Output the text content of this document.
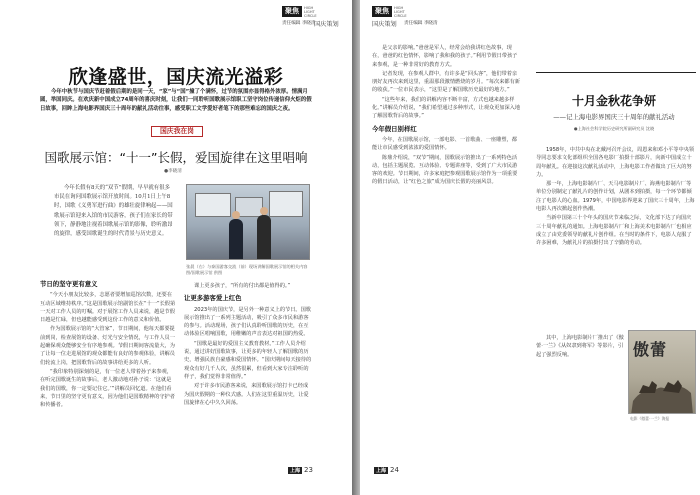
聚焦	HIGH
LIGHT
CIRCLE
责任编辑 李晓清
国庆策划
欣逢盛世，国庆流光溢彩
今年中秋节与国庆节赶着假后期的是同一天，“家”与“国”撞了个满怀，过节的氛围亦显得格外浓厚。情满月圆，举国同庆。在欢庆新中国成立74周年的喜庆时刻，让我们一同聆听国歌展示馆职工坚守岗位传递信仰火炬的假日故事，回眸上海电影界国庆三十周年的献礼活动往事，感受职工文学爱好者笔下的那些难忘的国庆之夜。
国庆我在岗
国歌展示馆：“十一”长假，爱国旋律在这里唱响
●李晓清
今年长假有8天的“双节”假期，早早就有很多市民在询问国歌展示馆开放时间。10月1日上午8时，国歌《义勇军进行曲》的雄壮旋律响起——国歌展示馆迎来入馆的市民游客，孩子们在家长的带领下，静静地注视着国歌展示馆的影像，聆听激昂的旋律，感受国歌诞生的时代背景与历史意义。
张晨（右）与泰国游客交流（前）现场讲解国歌展示馆的相关内容 图/国歌展示馆 供图
节日的坚守更有意义

“今天小朋友比较多，志愿者要增加巡馆次数，还要在互动区域维持秩序。”这是国歌展示馆副馆长在“十一”长假第一天对工作人员的叮嘱。对于展馆工作人员来说，越是节假日越是忙碌，但也越能感受到这份工作的意义和价值。

作为国歌展示馆的“大管家”，节日期间，他每天都要提前到岗，检查展馆的设备、灯光与安全情况，与工作人员一起确保观众能够安全有序地参观。节假日期间客流量大，为了让每一位走进展馆的观众都能有良好的参观体验，讲解员们轮流上岗，把国歌背后的故事讲给更多的人听。

“我印象特别深刻的是，有一位老人带着孙子来参观，在听完国歌诞生的故事后，老人激动地对孙子说：‘这就是我们的国歌，你一定要记住它。’”讲解员回忆道。在他们看来，节日里的坚守更有意义，因为他们是国歌精神的守护者和传播者。

课上更多孩子，“所有的付出都是值得的。”

让更多游客爱上红色

2023年的国庆节，是另外一种意义上的节日。国歌展示馆推出了一系列主题活动，吸引了众多市民和游客的参与。活动现场，孩子们认真聆听国歌的历史，在互动体验区唱响国歌，用稚嫩的声音表达对祖国的热爱。

“国歌是最好的爱国主义教育教材。”工作人员介绍说，通过讲好国歌故事，让更多的年轻人了解国歌的历史，增强民族自豪感和爱国情怀。“国庆期间每天接待的观众有好几千人次，虽然很累，但看到大家专注聆听的样子，我们觉得非常值得。”

对于许多市民游客来说，来国歌展示馆打卡已经成为国庆假期的一种仪式感。人们在这里重温历史，让爱国旋律在心中久久回荡。

上海 23
聚焦	HIGH
LIGHT
CIRCLE
国庆策划 责任编辑 李晓清

是父亲的影响。”爸爸是军人，经常会给我讲红色故事，现在，爸爸的红色情怀，影响了我和我的孩子。”利用节假日带孩子来参观，是一种非常好的教育方式。

记者发现，在参观人群中，有许多是“回头客”，他们带着亲朋好友再次来到这里，重温那段激情燃烧的岁月。“每次来都有新的收获。”一位市民表示，“这里是了解国歌历史最好的地方。”

“这些年来，我们的讲解内容不断丰富，方式也越来越多样化。”讲解员介绍说，“我们希望通过多种形式，让观众更加深入地了解国歌背后的故事。”

今年假日别样红

今年，在国歌展示馆，一部电影、一首歌曲、一座雕塑，都能让市民感受到浓浓的爱国情怀。

陈鼎介绍说，“双节”期间，国歌展示馆推出了一系列特色活动，包括主题展览、互动体验、专题讲座等，受到了广大市民游客的欢迎。节日期间，许多家庭把参观国歌展示馆作为一项重要的假日活动，让“红色之旅”成为国庆长假的亮丽风景。

十月金秋花争妍
——记上海电影界国庆三十周年的献礼活动
●上海社会科学院历史研究所副研究员 沈晓

1958年，中共中央在北戴河召开会议，周恩来和邓小平等中央领导同志要求文化部组织全国各电影厂拍摄十部影片，向新中国成立十周年献礼。在迎接这次献礼活动中，上海电影工作者做出了巨大的努力。

那一年，上海电影制片厂、天马电影制片厂、海燕电影制片厂等单位分别制定了献礼片的创作计划，从剧本到拍摄，每一个环节都倾注了电影人的心血。1979年，中国电影界迎来了国庆三十周年，上海电影人再次掀起创作热潮。

当新中国第三十个年头的国庆节来临之际，文化部下达了向国庆三十周年献礼的通知。上海电影制片厂和上海美术电影制片厂也相应成立了由党委领导的献礼片创作组。在当时的条件下，电影人克服了许多困难，为献礼片的拍摄付出了辛勤的劳动。

其中，上海电影制片厂推出了《傲蕾·一兰》《从奴隶到将军》等影片，引起了强烈反响。	傲蕾
电影《傲蕾·一兰》海报
上海 24
